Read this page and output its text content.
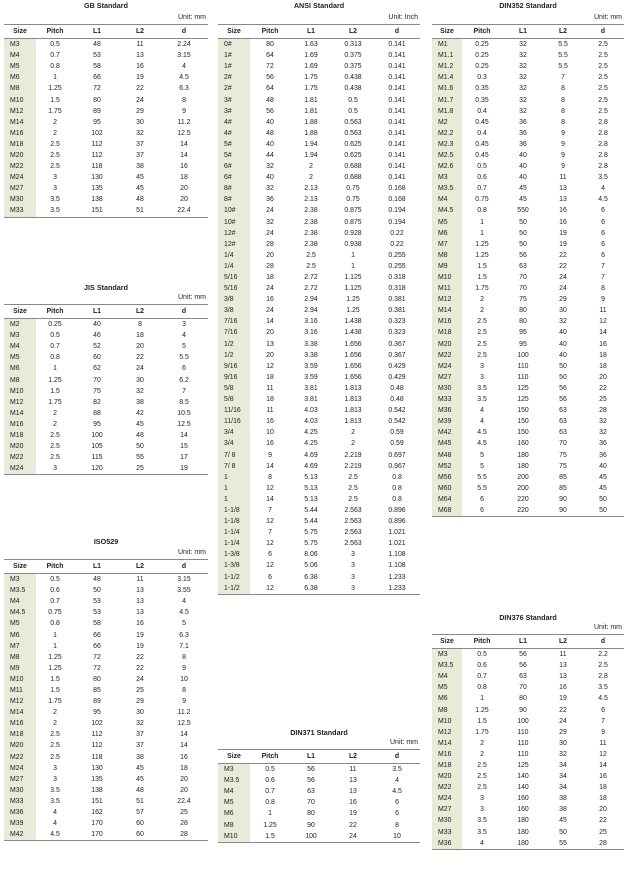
GB Standard
Unit: mm
Size	Pitch	L1	L2	d
M3	0.5	48	11	2.24
M4	0.7	53	13	3.15
M5	0.8	58	16	4
M6	1	66	19	4.5
M8	1.25	72	22	6.3
M10	1.5	80	24	8
M12	1.75	89	29	9
M14	2	95	30	11.2
M16	2	102	32	12.5
M18	2.5	112	37	14
M20	2.5	112	37	14
M22	2.5	118	38	16
M24	3	130	45	18
M27	3	135	45	20
M30	3.5	138	48	20
M33	3.5	151	51	22.4
JIS Standard
Unit: mm
Size	Pitch	L1	L2	d
M2	0.25	40	8	3
M3	0.5	46	18	4
M4	0.7	52	20	5
M5	0.8	60	22	5.5
M6	1	62	24	6
M8	1.25	70	30	6.2
M10	1.5	75	32	7
M12	1.75	82	38	8.5
M14	2	88	42	10.5
M16	2	95	45	12.5
M18	2.5	100	48	14
M20	2.5	105	50	15
M22	2.5	115	55	17
M24	3	120	25	19
ISO529
Unit: mm
Size	Pitch	L1	L2	d
M3	0.5	48	11	3.15
M3.5	0.6	50	13	3.55
M4	0.7	53	13	4
M4.5	0.75	53	13	4.5
M5	0.8	58	16	5
M6	1	66	19	6.3
M7	1	66	19	7.1
M8	1.25	72	22	8
M9	1.25	72	22	9
M10	1.5	80	24	10
M11	1.5	85	25	8
M12	1.75	89	29	9
M14	2	95	30	11.2
M16	2	102	32	12.5
M18	2.5	112	37	14
M20	2.5	112	37	14
M22	2.5	118	38	16
M24	3	130	45	18
M27	3	135	45	20
M30	3.5	138	48	20
M33	3.5	151	51	22.4
M36	4	162	57	25
M39	4	170	60	28
M42	4.5	170	60	28
ANSI Standard
Unit: Inch
Size	Pitch	L1	L2	d
0#	80	1.63	0.313	0.141
1#	64	1.69	0.375	0.141
1#	72	1.69	0.375	0.141
2#	56	1.75	0.438	0.141
2#	64	1.75	0.438	0.141
3#	48	1.81	0.5	0.141
3#	56	1.81	0.5	0.141
4#	40	1.88	0.563	0.141
4#	48	1.88	0.563	0.141
5#	40	1.94	0.625	0.141
5#	44	1.94	0.625	0.141
6#	32	2	0.688	0.141
6#	40	2	0.688	0.141
8#	32	2.13	0.75	0.168
8#	36	2.13	0.75	0.168
10#	24	2.38	0.875	0.194
10#	32	2.38	0.875	0.194
12#	24	2.38	0.928	0.22
12#	28	2.38	0.938	0.22
1/4	20	2.5	1	0.255
1/4	28	2.5	1	0.255
5/16	18	2.72	1.125	0.318
5/16	24	2.72	1.125	0.318
3/8	16	2.94	1.25	0.381
3/8	24	2.94	1.25	0.381
7/16	14	3.16	1.438	0.323
7/16	20	3.16	1.438	0.323
1/2	13	3.38	1.656	0.367
1/2	20	3.38	1.656	0.367
9/16	12	3.59	1.656	0.429
9/16	18	3.59	1.656	0.429
5/8	11	3.81	1.813	0.48
5/8	18	3.81	1.813	0.48
11/16	11	4.03	1.813	0.542
11/16	16	4.03	1.813	0.542
3/4	10	4.25	2	0.59
3/4	16	4.25	2	0.59
7/ 8	9	4.69	2.219	0.697
7/ 8	14	4.69	2.219	0.967
1	8	5.13	2.5	0.8
1	12	5.13	2.5	0.8
1	14	5.13	2.5	0.8
1-1/8	7	5.44	2.563	0.896
1-1/8	12	5.44	2.563	0.896
1-1/4	7	5.75	2.563	1.021
1-1/4	12	5.75	2.563	1.021
1-3/8	6	8.06	3	1.108
1-3/8	12	5.06	3	1.108
1-1/2	6	6.38	3	1.233
1-1/2	12	6.38	3	1.233
DIN371 Standard
Unit: mm
Size	Pitch	L1	L2	d
M3	0.5	56	11	3.5
M3.5	0.6	56	13	4
M4	0.7	63	13	4.5
M5	0.8	70	16	6
M6	1	80	19	6
M8	1.25	90	22	8
M10	1.5	100	24	10
DIN352 Standard
Unit: mm
Size	Pitch	L1	L2	d
M1	0.25	32	5.5	2.5
M1.1	0.25	32	5.5	2.5
M1.2	0.25	32	5.5	2.5
M1.4	0.3	32	7	2.5
M1.6	0.35	32	8	2.5
M1.7	0.35	32	8	2.5
M1.8	0.4	32	8	2.5
M2	0.45	36	8	2.8
M2.2	0.4	36	9	2.8
M2.3	0.45	36	9	2.8
M2.5	0.45	40	9	2.8
M2.6	0.5	40	9	2.8
M3	0.6	40	11	3.5
M3.5	0.7	45	13	4
M4	0.75	45	13	4.5
M4.5	0.8	550	16	6
M5	1	50	16	6
M6	1	50	19	6
M7	1.25	50	19	6
M8	1.25	56	22	6
M9	1.5	63	22	7
M10	1.5	70	24	7
M11	1.75	70	24	8
M12	2	75	29	9
M14	2	80	30	11
M16	2.5	80	32	12
M18	2.5	95	40	14
M20	2.5	95	40	16
M22	2.5	100	40	18
M24	3	110	50	18
M27	3	110	50	20
M30	3.5	125	56	22
M33	3.5	125	56	25
M36	4	150	63	28
M39	4	150	63	32
M42	4.5	150	63	32
M45	4.5	160	70	36
M48	5	180	75	36
M52	5	180	75	40
M56	5.5	200	85	45
M60	5.5	200	85	45
M64	6	220	90	50
M68	6	220	90	50
DIN376 Standard
Unit: mm
Size	Pitch	L1	L2	d
M3	0.5	56	11	2.2
M3.5	0.6	56	13	2.5
M4	0.7	63	13	2.8
M5	0.8	70	16	3.5
M6	1	80	19	4.5
M8	1.25	90	22	6
M10	1.5	100	24	7
M12	1.75	110	29	9
M14	2	110	30	11
M16	2	110	32	12
M18	2.5	125	34	14
M20	2.5	140	34	16
M22	2.5	140	34	18
M24	3	160	38	18
M27	3	160	38	20
M30	3.5	180	45	22
M33	3.5	180	50	25
M36	4	180	55	28
